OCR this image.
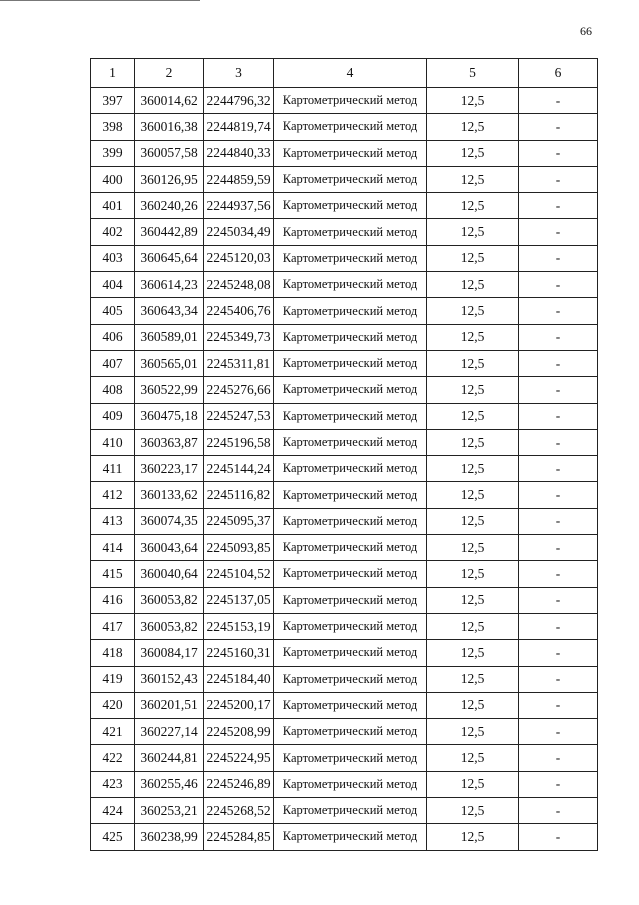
66
1	2	3	4	5	6
397	360014,62	2244796,32	Картометрический метод	12,5	-
398	360016,38	2244819,74	Картометрический метод	12,5	-
399	360057,58	2244840,33	Картометрический метод	12,5	-
400	360126,95	2244859,59	Картометрический метод	12,5	-
401	360240,26	2244937,56	Картометрический метод	12,5	-
402	360442,89	2245034,49	Картометрический метод	12,5	-
403	360645,64	2245120,03	Картометрический метод	12,5	-
404	360614,23	2245248,08	Картометрический метод	12,5	-
405	360643,34	2245406,76	Картометрический метод	12,5	-
406	360589,01	2245349,73	Картометрический метод	12,5	-
407	360565,01	2245311,81	Картометрический метод	12,5	-
408	360522,99	2245276,66	Картометрический метод	12,5	-
409	360475,18	2245247,53	Картометрический метод	12,5	-
410	360363,87	2245196,58	Картометрический метод	12,5	-
411	360223,17	2245144,24	Картометрический метод	12,5	-
412	360133,62	2245116,82	Картометрический метод	12,5	-
413	360074,35	2245095,37	Картометрический метод	12,5	-
414	360043,64	2245093,85	Картометрический метод	12,5	-
415	360040,64	2245104,52	Картометрический метод	12,5	-
416	360053,82	2245137,05	Картометрический метод	12,5	-
417	360053,82	2245153,19	Картометрический метод	12,5	-
418	360084,17	2245160,31	Картометрический метод	12,5	-
419	360152,43	2245184,40	Картометрический метод	12,5	-
420	360201,51	2245200,17	Картометрический метод	12,5	-
421	360227,14	2245208,99	Картометрический метод	12,5	-
422	360244,81	2245224,95	Картометрический метод	12,5	-
423	360255,46	2245246,89	Картометрический метод	12,5	-
424	360253,21	2245268,52	Картометрический метод	12,5	-
425	360238,99	2245284,85	Картометрический метод	12,5	-
